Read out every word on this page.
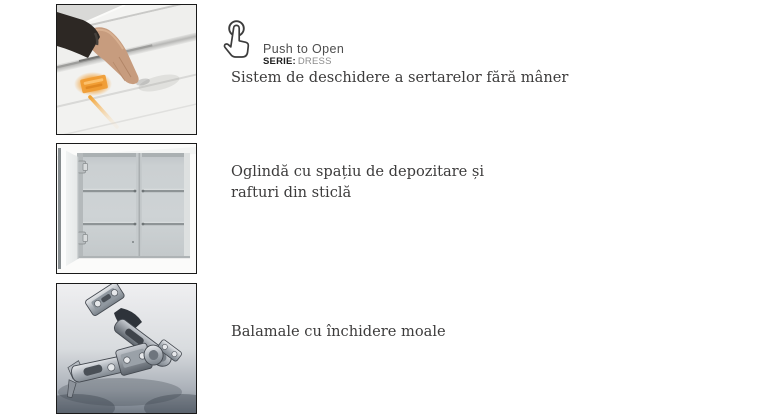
Push to Open
SERIE: DRESS
Sistem de deschidere a sertarelor fără mâner
Oglindă cu spațiu de depozitare și
rafturi din sticlă
Balamale cu închidere moale
